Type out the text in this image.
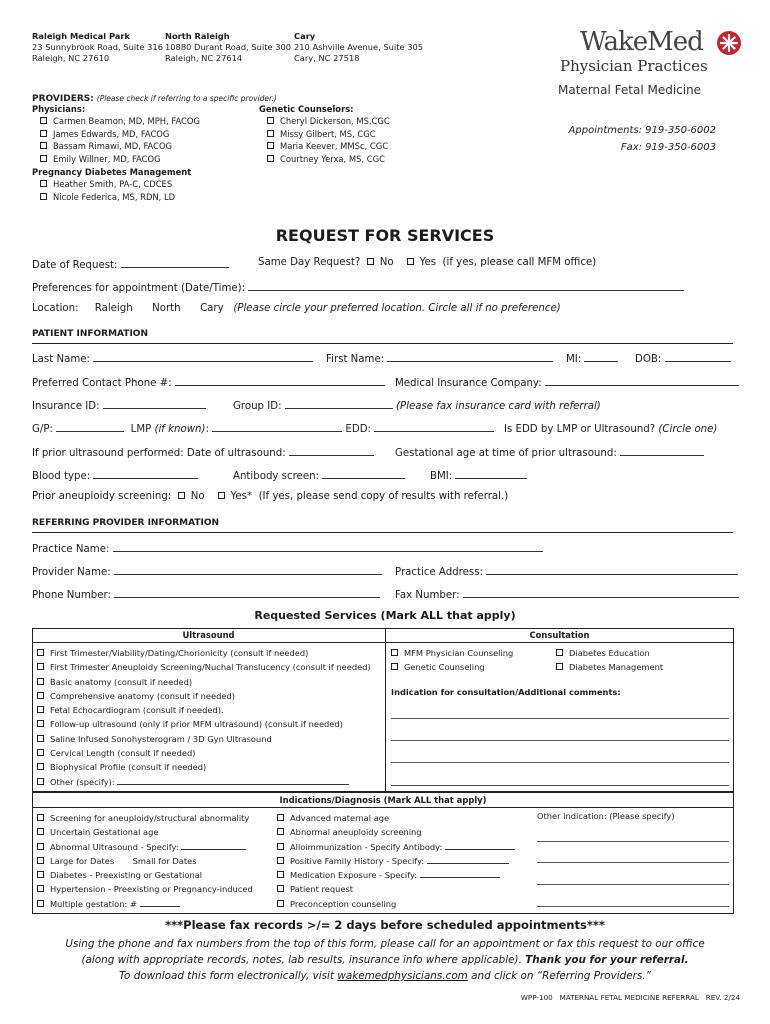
Raleigh Medical Park
23 Sunnybrook Road, Suite 316
Raleigh, NC 27610
North Raleigh
10880 Durant Road, Suite 300
Raleigh, NC 27614
Cary
210 Ashville Avenue, Suite 305
Cary, NC 27518
WakeMed
Physician Practices
Maternal Fetal Medicine
Appointments: 919-350-6002
Fax: 919-350-6003
PROVIDERS: (Please check if referring to a specific provider.)
Physicians:
Carmen Beamon, MD, MPH, FACOG
James Edwards, MD, FACOG
Bassam Rimawi, MD, FACOG
Emily Willner, MD, FACOG
Genetic Counselors:
Cheryl Dickerson, MS,CGC
Missy Gilbert, MS, CGC
Maria Keever, MMSc, CGC
Courtney Yerxa, MS, CGC
Pregnancy Diabetes Management
Heather Smith, PA-C, CDCES
Nicole Federica, MS, RDN, LD
REQUEST FOR SERVICES
Date of Request:	Same Day Request? No	Yes (if yes, please call MFM office)
Preferences for appointment (Date/Time):
Location: Raleigh North Cary (Please circle your preferred location. Circle all if no preference)
PATIENT INFORMATION
Last Name:	First Name:	MI:	DOB:
Preferred Contact Phone #:	Medical Insurance Company:
Insurance ID:	Group ID:	(Please fax insurance card with referral)
G/P:	LMP (if known):	EDD:	Is EDD by LMP or Ultrasound? (Circle one)
If prior ultrasound performed: Date of ultrasound:	Gestational age at time of prior ultrasound:
Blood type:	Antibody screen:	BMI:
Prior aneuploidy screening: No	Yes* (If yes, please send copy of results with referral.)
REFERRING PROVIDER INFORMATION
Practice Name:
Provider Name:	Practice Address:
Phone Number:	Fax Number:
Requested Services (Mark ALL that apply)
Ultrasound	Consultation
First Trimester/Viability/Dating/Chorionicity (consult if needed)
First Trimester Aneuploidy Screening/Nuchal Translucency (consult if needed)
Basic anatomy (consult if needed)
Comprehensive anatomy (consult if needed)
Fetal Echocardiogram (consult if needed).
Follow-up ultrasound (only if prior MFM ultrasound) (consult if needed)
Saline Infused Sonohysterogram / 3D Gyn Ultrasound
Cervical Length (consult if needed)
Biophysical Profile (consult if needed)
Other (specify):
MFM Physician Counseling
Genetic Counseling
Diabetes Education
Diabetes Management
Indication for consultation/Additional comments:
Indications/Diagnosis (Mark ALL that apply)
Screening for aneuploidy/structural abnormality
Uncertain Gestational age
Abnormal Ultrasound - Specify:
Large for Dates       Small for Dates
Diabetes - Preexisting or Gestational
Hypertension - Preexisting or Pregnancy-induced
Multiple gestation: #
Advanced maternal age
Abnormal aneuploidy screening
Alloimmunization - Specify Antibody:
Positive Family History - Specify:
Medication Exposure - Specify:
Patient request
Preconception counseling
Other indication: (Please specify)
***Please fax records >/= 2 days before scheduled appointments***
Using the phone and fax numbers from the top of this form, please call for an appointment or fax this request to our office
(along with appropriate records, notes, lab results, insurance info where applicable). Thank you for your referral.
To download this form electronically, visit wakemedphysicians.com and click on “Referring Providers.”
WPP-100   MATERNAL FETAL MEDICINE REFERRAL   REV. 2/24
